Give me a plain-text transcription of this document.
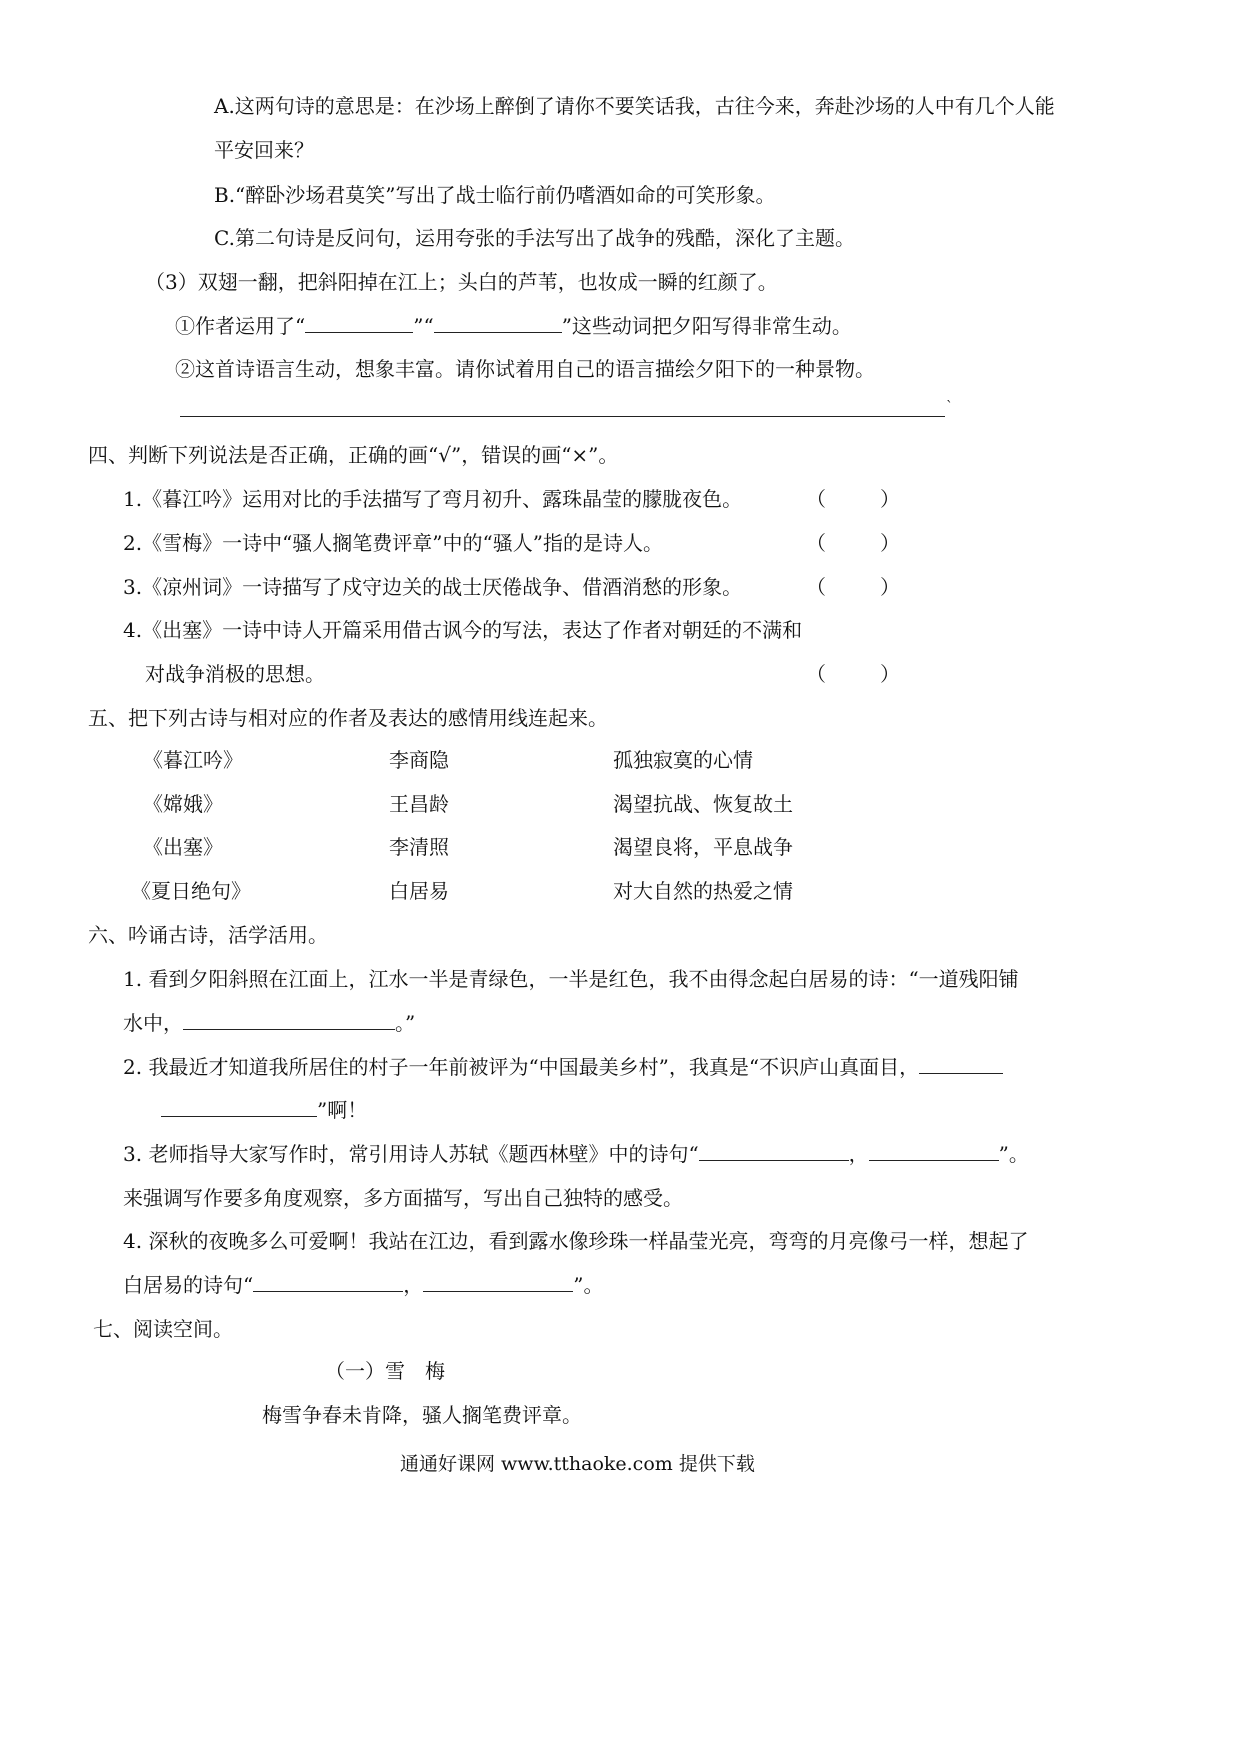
A.这两句诗的意思是：在沙场上醉倒了请你不要笑话我，古往今来，奔赴沙场的人中有几个人能
平安回来？
B.“醉卧沙场君莫笑”写出了战士临行前仍嗜酒如命的可笑形象。
C.第二句诗是反问句，运用夸张的手法写出了战争的残酷，深化了主题。
（3）双翅一翻，把斜阳掉在江上；头白的芦苇，也妆成一瞬的红颜了。
①作者运用了“	”“	”这些动词把夕阳写得非常生动。
②这首诗语言生动，想象丰富。请你试着用自己的语言描绘夕阳下的一种景物。
`
四、判断下列说法是否正确，正确的画“√”，错误的画“×”。
1.《暮江吟》运用对比的手法描写了弯月初升、露珠晶莹的朦胧夜色。	（	）
2.《雪梅》一诗中“骚人搁笔费评章”中的“骚人”指的是诗人。	（	）
3.《凉州词》一诗描写了戍守边关的战士厌倦战争、借酒消愁的形象。	（	）
4.《出塞》一诗中诗人开篇采用借古讽今的写法，表达了作者对朝廷的不满和
对战争消极的思想。	（	）
五、把下列古诗与相对应的作者及表达的感情用线连起来。
《暮江吟》	李商隐	孤独寂寞的心情
《嫦娥》	王昌龄	渴望抗战、恢复故土
《出塞》	李清照	渴望良将，平息战争
《夏日绝句》	白居易	对大自然的热爱之情
六、吟诵古诗，活学活用。
1. 看到夕阳斜照在江面上，江水一半是青绿色，一半是红色，我不由得念起白居易的诗：“一道残阳铺
水中，	。”
2. 我最近才知道我所居住的村子一年前被评为“中国最美乡村”，我真是“不识庐山真面目，
”啊！
3. 老师指导大家写作时，常引用诗人苏轼《题西林壁》中的诗句“	，	”。
来强调写作要多角度观察，多方面描写，写出自己独特的感受。
4. 深秋的夜晚多么可爱啊！我站在江边，看到露水像珍珠一样晶莹光亮，弯弯的月亮像弓一样，想起了
白居易的诗句“	，	”。
七、阅读空间。
（一）雪　梅
梅雪争春未肯降，骚人搁笔费评章。
通通好课网 www.tthaoke.com 提供下载
